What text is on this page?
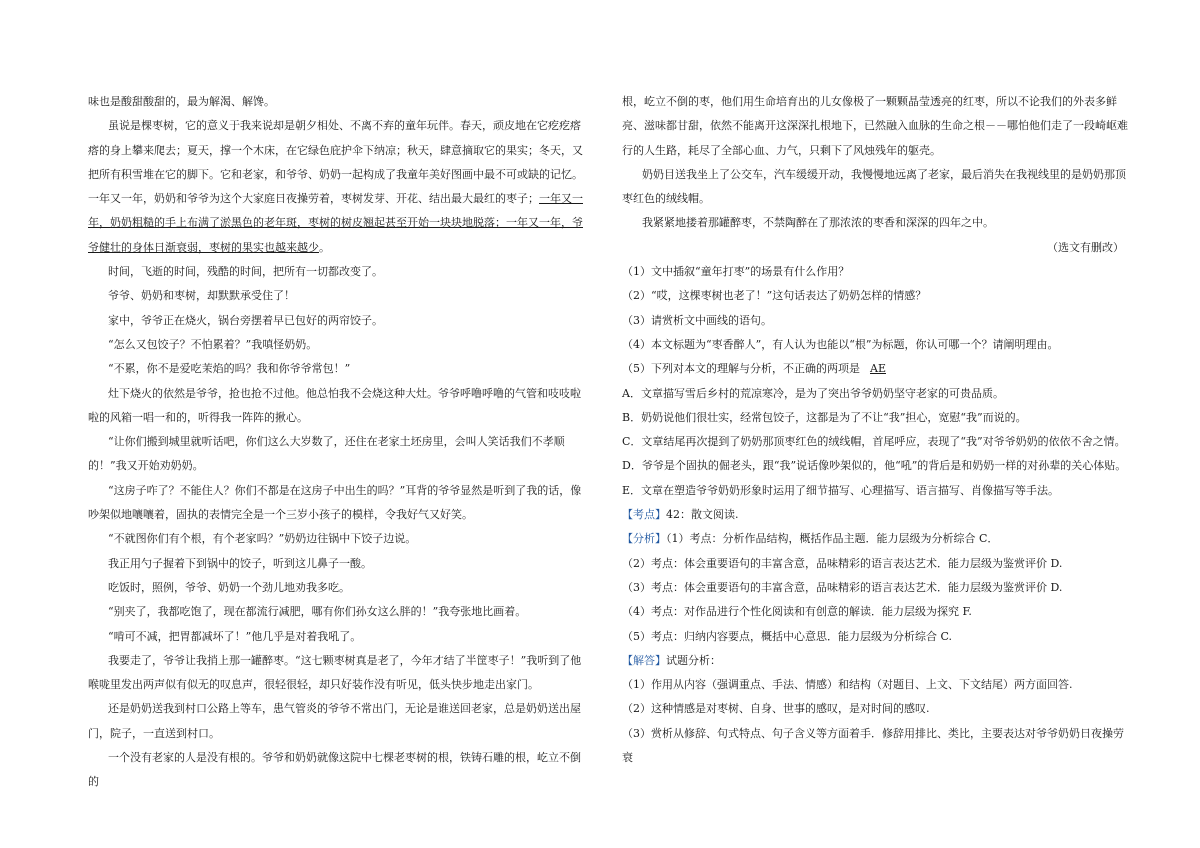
味也是酸甜酸甜的，最为解渴、解馋。

虽说是棵枣树，它的意义于我来说却是朝夕相处、不离不弃的童年玩伴。春天，顽皮地在它疙疙瘩瘩的身上攀来爬去；夏天，撑一个木床，在它绿色庇护伞下纳凉；秋天，肆意摘取它的果实；冬天，又把所有积雪堆在它的脚下。它和老家，和爷爷、奶奶一起构成了我童年美好图画中最不可或缺的记忆。 一年又一年，奶奶和爷爷为这个大家庭日夜操劳着，枣树发芽、开花、结出最大最红的枣子；一年又一年，奶奶粗糙的手上布满了淤黑色的老年斑，枣树的树皮翘起甚至开始一块块地脱落；一年又一年，爷爷健壮的身体日渐衰弱，枣树的果实也越来越少。

时间，飞逝的时间，残酷的时间，把所有一切都改变了。

爷爷、奶奶和枣树，却默默承受住了！

家中，爷爷正在烧火，锅台旁摆着早已包好的两帘饺子。

“怎么又包饺子？不怕累着？”我嗔怪奶奶。

“不累，你不是爱吃茉焰的吗？我和你爷爷常包！”

灶下烧火的依然是爷爷，抢也抢不过他。他总怕我不会烧这种大灶。爷爷呼噜呼噜的气管和吱吱啦啦的风箱一唱一和的，听得我一阵阵的揪心。

“让你们搬到城里就听话吧，你们这么大岁数了，还住在老家土坯房里，会叫人笑话我们不孝顺的！”我又开始劝奶奶。

“这房子咋了？不能住人？你们不都是在这房子中出生的吗？”耳背的爷爷显然是听到了我的话，像吵架似地嚷嚷着，固执的表情完全是一个三岁小孩子的模样，令我好气又好笑。

“不就图你们有个根，有个老家吗？”奶奶边往锅中下饺子边说。

我正用勺子握着下到锅中的饺子，听到这儿鼻子一酸。

吃饭时，照例，爷爷、奶奶一个劲儿地劝我多吃。

“别夹了，我都吃饱了，现在都流行减肥，哪有你们孙女这么胖的！”我夸张地比画着。

“啃可不减，把胃都减坏了！”他几乎是对着我吼了。

我要走了，爷爷让我捎上那一罐醉枣。“这七颗枣树真是老了，今年才结了半筐枣子！”我听到了他喉咙里发出两声似有似无的叹息声，很轻很轻，却只好装作没有听见，低头快步地走出家门。

还是奶奶送我到村口公路上等车，患气管炎的爷爷不常出门，无论是谁送回老家，总是奶奶送出屋门，院子，一直送到村口。

一个没有老家的人是没有根的。爷爷和奶奶就像这院中七棵老枣树的根，铁铸石雕的根，屹立不倒的

根，屹立不倒的枣，他们用生命培育出的儿女像极了一颗颗晶莹透亮的红枣，所以不论我们的外表多鲜亮、滋味都甘甜，依然不能离开这深深扎根地下，已然融入血脉的生命之根－－哪怕他们走了一段崎岖难行的人生路，耗尽了全部心血、力气，只剩下了风烛残年的躯壳。

奶奶目送我坐上了公交车，汽车缓缓开动，我慢慢地远离了老家，最后消失在我视线里的是奶奶那顶枣红色的绒线帽。

我紧紧地搂着那罐醉枣，不禁陶醉在了那浓浓的枣香和深深的四年之中。

（选文有删改）

（1）文中插叙“童年打枣”的场景有什么作用？

（2）“哎，这棵枣树也老了！”这句话表达了奶奶怎样的情感？

（3）请赏析文中画线的语句。

（4）本文标题为“枣香醉人”，有人认为也能以“根”为标题，你认可哪一个？请阐明理由。

（5）下列对本文的理解与分析，不正确的两项是 AE

A．文章描写雪后乡村的荒凉寒冷，是为了突出爷爷奶奶坚守老家的可贵品质。

B．奶奶说他们很壮实，经常包饺子，这都是为了不让“我”担心，宽慰“我”而说的。

C．文章结尾再次提到了奶奶那顶枣红色的绒线帽，首尾呼应，表现了“我”对爷爷奶奶的依依不舍之情。

D．爷爷是个固执的倔老头，跟“我”说话像吵架似的，他“吼”的背后是和奶奶一样的对孙辈的关心体贴。

E．文章在塑造爷爷奶奶形象时运用了细节描写、心理描写、语言描写、肖像描写等手法。

【考点】42：散文阅读.

【分析】（1）考点：分析作品结构，概括作品主题．能力层级为分析综合 C．

（2）考点：体会重要语句的丰富含意，品味精彩的语言表达艺术．能力层级为鉴赏评价 D.

（3）考点：体会重要语句的丰富含意，品味精彩的语言表达艺术．能力层级为鉴赏评价 D.

（4）考点：对作品进行个性化阅读和有创意的解读．能力层级为探究 F.

（5）考点：归纳内容要点，概括中心意思．能力层级为分析综合 C.

【解答】试题分析：

（1）作用从内容（强调重点、手法、情感）和结构（对题目、上文、下文结尾）两方面回答.

（2）这种情感是对枣树、自身、世事的感叹，是对时间的感叹.

（3）赏析从修辞、句式特点、句子含义等方面着手．修辞用排比、类比，主要表达对爷爷奶奶日夜操劳衰
